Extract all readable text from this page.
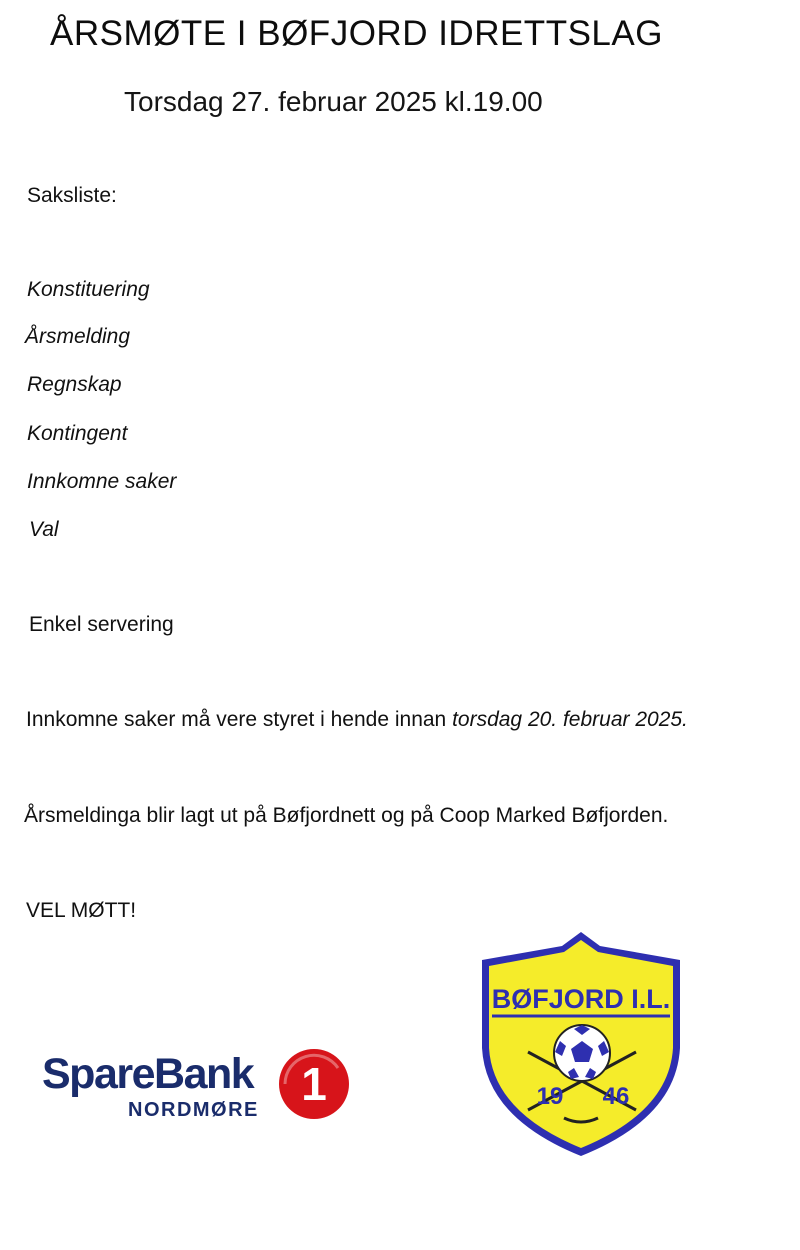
ÅRSMØTE I BØFJORD IDRETTSLAG
Torsdag 27. februar 2025 kl.19.00
Saksliste:
Konstituering
Årsmelding
Regnskap
Kontingent
Innkomne saker
Val
Enkel servering
Innkomne saker må vere styret i hende innan torsdag 20. februar 2025.
Årsmeldinga blir lagt ut på Bøfjordnett og på Coop Marked Bøfjorden.
VEL MØTT!
SpareBank
NORDMØRE 1
BØFJORD I.L.
19 46
